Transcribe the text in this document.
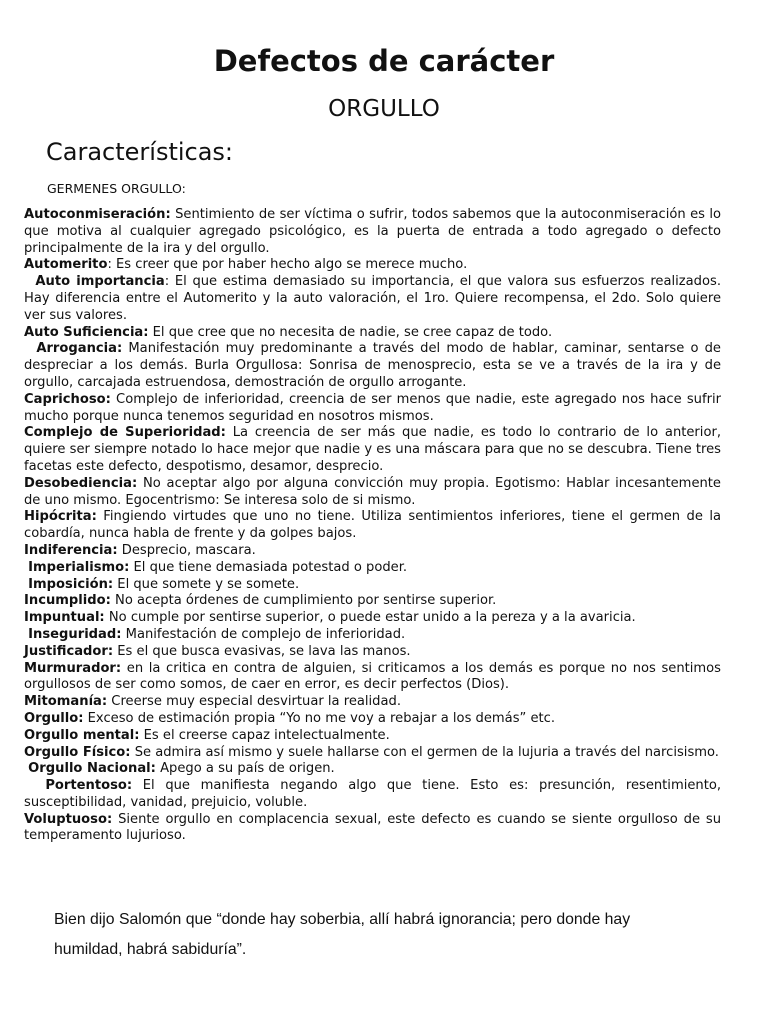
Defectos de carácter

ORGULLO

Características:

GERMENES ORGULLO:

Autoconmiseración: Sentimiento de ser víctima o sufrir, todos sabemos que la autoconmiseración es lo que motiva al cualquier agregado psicológico, es la puerta de entrada a todo agregado o defecto principalmente de la ira y del orgullo.

Automerito: Es creer que por haber hecho algo se merece mucho.

Auto importancia: El que estima demasiado su importancia, el que valora sus esfuerzos realizados. Hay diferencia entre el Automerito y la auto valoración, el 1ro. Quiere recompensa, el 2do. Solo quiere ver sus valores.

Auto Suficiencia: El que cree que no necesita de nadie, se cree capaz de todo.

Arrogancia: Manifestación muy predominante a través del modo de hablar, caminar, sentarse o de despreciar a los demás. Burla Orgullosa: Sonrisa de menosprecio, esta se ve a través de la ira y de orgullo, carcajada estruendosa, demostración de orgullo arrogante.

Caprichoso: Complejo de inferioridad, creencia de ser menos que nadie, este agregado nos hace sufrir mucho porque nunca tenemos seguridad en nosotros mismos.

Complejo de Superioridad: La creencia de ser más que nadie, es todo lo contrario de lo anterior, quiere ser siempre notado lo hace mejor que nadie y es una máscara para que no se descubra. Tiene tres facetas este defecto, despotismo, desamor, desprecio.

Desobediencia: No aceptar algo por alguna convicción muy propia. Egotismo: Hablar incesantemente de uno mismo. Egocentrismo: Se interesa solo de si mismo.

Hipócrita: Fingiendo virtudes que uno no tiene. Utiliza sentimientos inferiores, tiene el germen de la cobardía, nunca habla de frente y da golpes bajos.

Indiferencia: Desprecio, mascara.

Imperialismo: El que tiene demasiada potestad o poder.

Imposición: El que somete y se somete.

Incumplido: No acepta órdenes de cumplimiento por sentirse superior.

Impuntual: No cumple por sentirse superior, o puede estar unido a la pereza y a la avaricia.

Inseguridad: Manifestación de complejo de inferioridad.

Justificador: Es el que busca evasivas, se lava las manos.

Murmurador: en la critica en contra de alguien, si criticamos a los demás es porque no nos sentimos orgullosos de ser como somos, de caer en error, es decir perfectos (Dios).

Mitomanía: Creerse muy especial desvirtuar la realidad.

Orgullo: Exceso de estimación propia “Yo no me voy a rebajar a los demás” etc.

Orgullo mental: Es el creerse capaz intelectualmente.

Orgullo Físico: Se admira así mismo y suele hallarse con el germen de la lujuria a través del narcisismo.

Orgullo Nacional: Apego a su país de origen.

Portentoso: El que manifiesta negando algo que tiene. Esto es: presunción, resentimiento, susceptibilidad, vanidad, prejuicio, voluble.

Voluptuoso: Siente orgullo en complacencia sexual, este defecto es cuando se siente orgulloso de su temperamento lujurioso.

Bien dijo Salomón que “donde hay soberbia, allí habrá ignorancia; pero donde hay humildad, habrá sabiduría”.
